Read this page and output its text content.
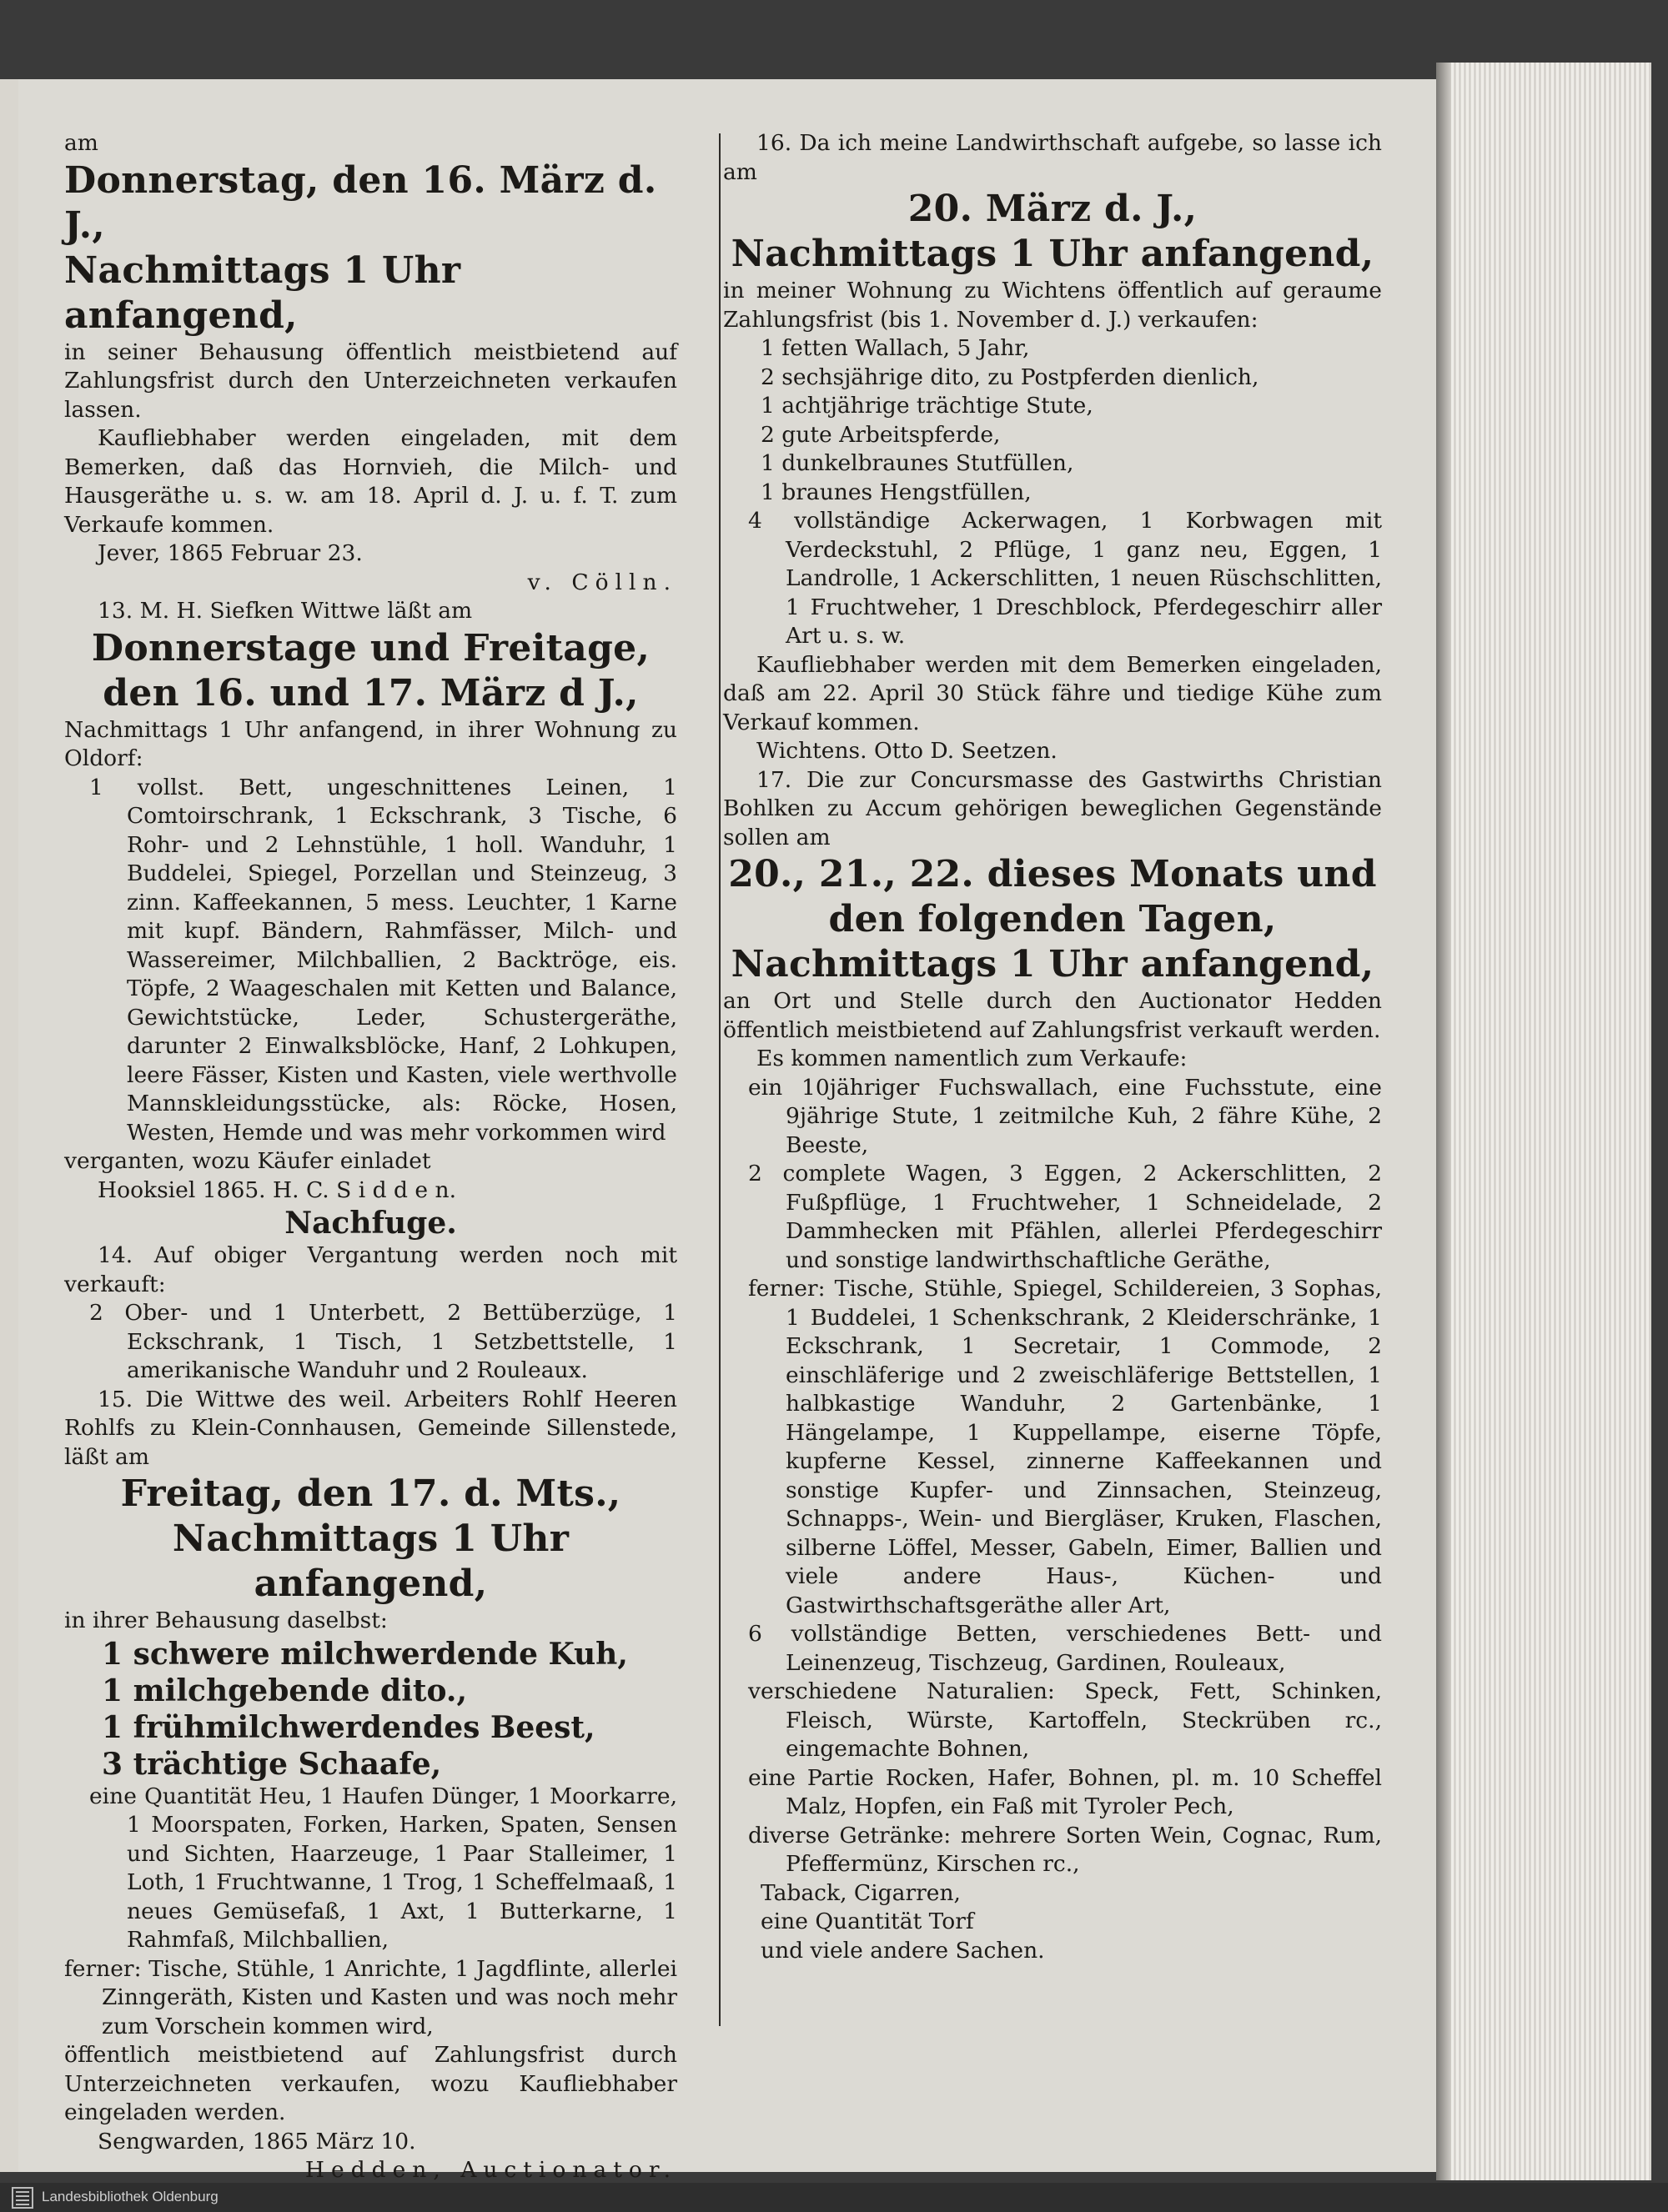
am

Donnerstag, den 16. März d. J.,

Nachmittags 1 Uhr anfangend,

in seiner Behausung öffentlich meistbietend auf Zahlungsfrist durch den Unterzeichneten verkaufen lassen.

Kaufliebhaber werden eingeladen, mit dem Bemerken, daß das Hornvieh, die Milch- und Hausgeräthe u. s. w. am 18. April d. J. u. f. T. zum Verkaufe kommen.

Jever, 1865 Februar 23.

v. Cölln.

13. M. H. Siefken Wittwe läßt am

Donnerstage und Freitage, den 16. und 17. März d J.,

Nachmittags 1 Uhr anfangend, in ihrer Wohnung zu Oldorf:

1 vollst. Bett, ungeschnittenes Leinen, 1 Comtoirschrank, 1 Eckschrank, 3 Tische, 6 Rohr- und 2 Lehnstühle, 1 holl. Wanduhr, 1 Buddelei, Spiegel, Porzellan und Steinzeug, 3 zinn. Kaffeekannen, 5 mess. Leuchter, 1 Karne mit kupf. Bändern, Rahmfässer, Milch- und Wassereimer, Milchballien, 2 Backtröge, eis. Töpfe, 2 Waageschalen mit Ketten und Balance, Gewichtstücke, Leder, Schustergeräthe, darunter 2 Einwalksblöcke, Hanf, 2 Lohkupen, leere Fässer, Kisten und Kasten, viele werthvolle Mannskleidungsstücke, als: Röcke, Hosen, Westen, Hemde und was mehr vorkommen wird

verganten, wozu Käufer einladet

Hooksiel 1865. H. C. S i d d e n.

Nachfuge.

14. Auf obiger Vergantung werden noch mit verkauft:

2 Ober- und 1 Unterbett, 2 Bettüberzüge, 1 Eckschrank, 1 Tisch, 1 Setzbettstelle, 1 amerikanische Wanduhr und 2 Rouleaux.

15. Die Wittwe des weil. Arbeiters Rohlf Heeren Rohlfs zu Klein-Connhausen, Gemeinde Sillenstede, läßt am

Freitag, den 17. d. Mts., Nachmittags 1 Uhr anfangend,

in ihrer Behausung daselbst:

1 schwere milchwerdende Kuh,

1 milchgebende dito.,

1 frühmilchwerdendes Beest,

3 trächtige Schaafe,

eine Quantität Heu, 1 Haufen Dünger, 1 Moorkarre, 1 Moorspaten, Forken, Harken, Spaten, Sensen und Sichten, Haarzeuge, 1 Paar Stalleimer, 1 Loth, 1 Fruchtwanne, 1 Trog, 1 Scheffelmaaß, 1 neues Gemüsefaß, 1 Axt, 1 Butterkarne, 1 Rahmfaß, Milchballien,

ferner: Tische, Stühle, 1 Anrichte, 1 Jagdflinte, allerlei Zinngeräth, Kisten und Kasten und was noch mehr zum Vorschein kommen wird,

öffentlich meistbietend auf Zahlungsfrist durch Unterzeichneten verkaufen, wozu Kaufliebhaber eingeladen werden.

Sengwarden, 1865 März 10.

Hedden, Auctionator.

16. Da ich meine Landwirthschaft aufgebe, so lasse ich am

20. März d. J.,

Nachmittags 1 Uhr anfangend,

in meiner Wohnung zu Wichtens öffentlich auf geraume Zahlungsfrist (bis 1. November d. J.) verkaufen:

1 fetten Wallach, 5 Jahr,

2 sechsjährige dito, zu Postpferden dienlich,

1 achtjährige trächtige Stute,

2 gute Arbeitspferde,

1 dunkelbraunes Stutfüllen,

1 braunes Hengstfüllen,

4 vollständige Ackerwagen, 1 Korbwagen mit Verdeckstuhl, 2 Pflüge, 1 ganz neu, Eggen, 1 Landrolle, 1 Ackerschlitten, 1 neuen Rüschschlitten, 1 Fruchtweher, 1 Dreschblock, Pferdegeschirr aller Art u. s. w.

Kaufliebhaber werden mit dem Bemerken eingeladen, daß am 22. April 30 Stück fähre und tiedige Kühe zum Verkauf kommen.

Wichtens. Otto D. Seetzen.

17. Die zur Concursmasse des Gastwirths Christian Bohlken zu Accum gehörigen beweglichen Gegenstände sollen am

20., 21., 22. dieses Monats und den folgenden Tagen, Nachmittags 1 Uhr anfangend,

an Ort und Stelle durch den Auctionator Hedden öffentlich meistbietend auf Zahlungsfrist verkauft werden.

Es kommen namentlich zum Verkaufe:

ein 10jähriger Fuchswallach, eine Fuchsstute, eine 9jährige Stute, 1 zeitmilche Kuh, 2 fähre Kühe, 2 Beeste,

2 complete Wagen, 3 Eggen, 2 Ackerschlitten, 2 Fußpflüge, 1 Fruchtweher, 1 Schneidelade, 2 Dammhecken mit Pfählen, allerlei Pferdegeschirr und sonstige landwirthschaftliche Geräthe,

ferner: Tische, Stühle, Spiegel, Schildereien, 3 Sophas, 1 Buddelei, 1 Schenkschrank, 2 Kleiderschränke, 1 Eckschrank, 1 Secretair, 1 Commode, 2 einschläferige und 2 zweischläferige Bettstellen, 1 halbkastige Wanduhr, 2 Gartenbänke, 1 Hängelampe, 1 Kuppellampe, eiserne Töpfe, kupferne Kessel, zinnerne Kaffeekannen und sonstige Kupfer- und Zinnsachen, Steinzeug, Schnapps-, Wein- und Biergläser, Kruken, Flaschen, silberne Löffel, Messer, Gabeln, Eimer, Ballien und viele andere Haus-, Küchen- und Gastwirthschaftsgeräthe aller Art,

6 vollständige Betten, verschiedenes Bett- und Leinenzeug, Tischzeug, Gardinen, Rouleaux,

verschiedene Naturalien: Speck, Fett, Schinken, Fleisch, Würste, Kartoffeln, Steckrüben rc., eingemachte Bohnen,

eine Partie Rocken, Hafer, Bohnen, pl. m. 10 Scheffel Malz, Hopfen, ein Faß mit Tyroler Pech,

diverse Getränke: mehrere Sorten Wein, Cognac, Rum, Pfeffermünz, Kirschen rc.,

Taback, Cigarren,

eine Quantität Torf

und viele andere Sachen.

Landesbibliothek Oldenburg
